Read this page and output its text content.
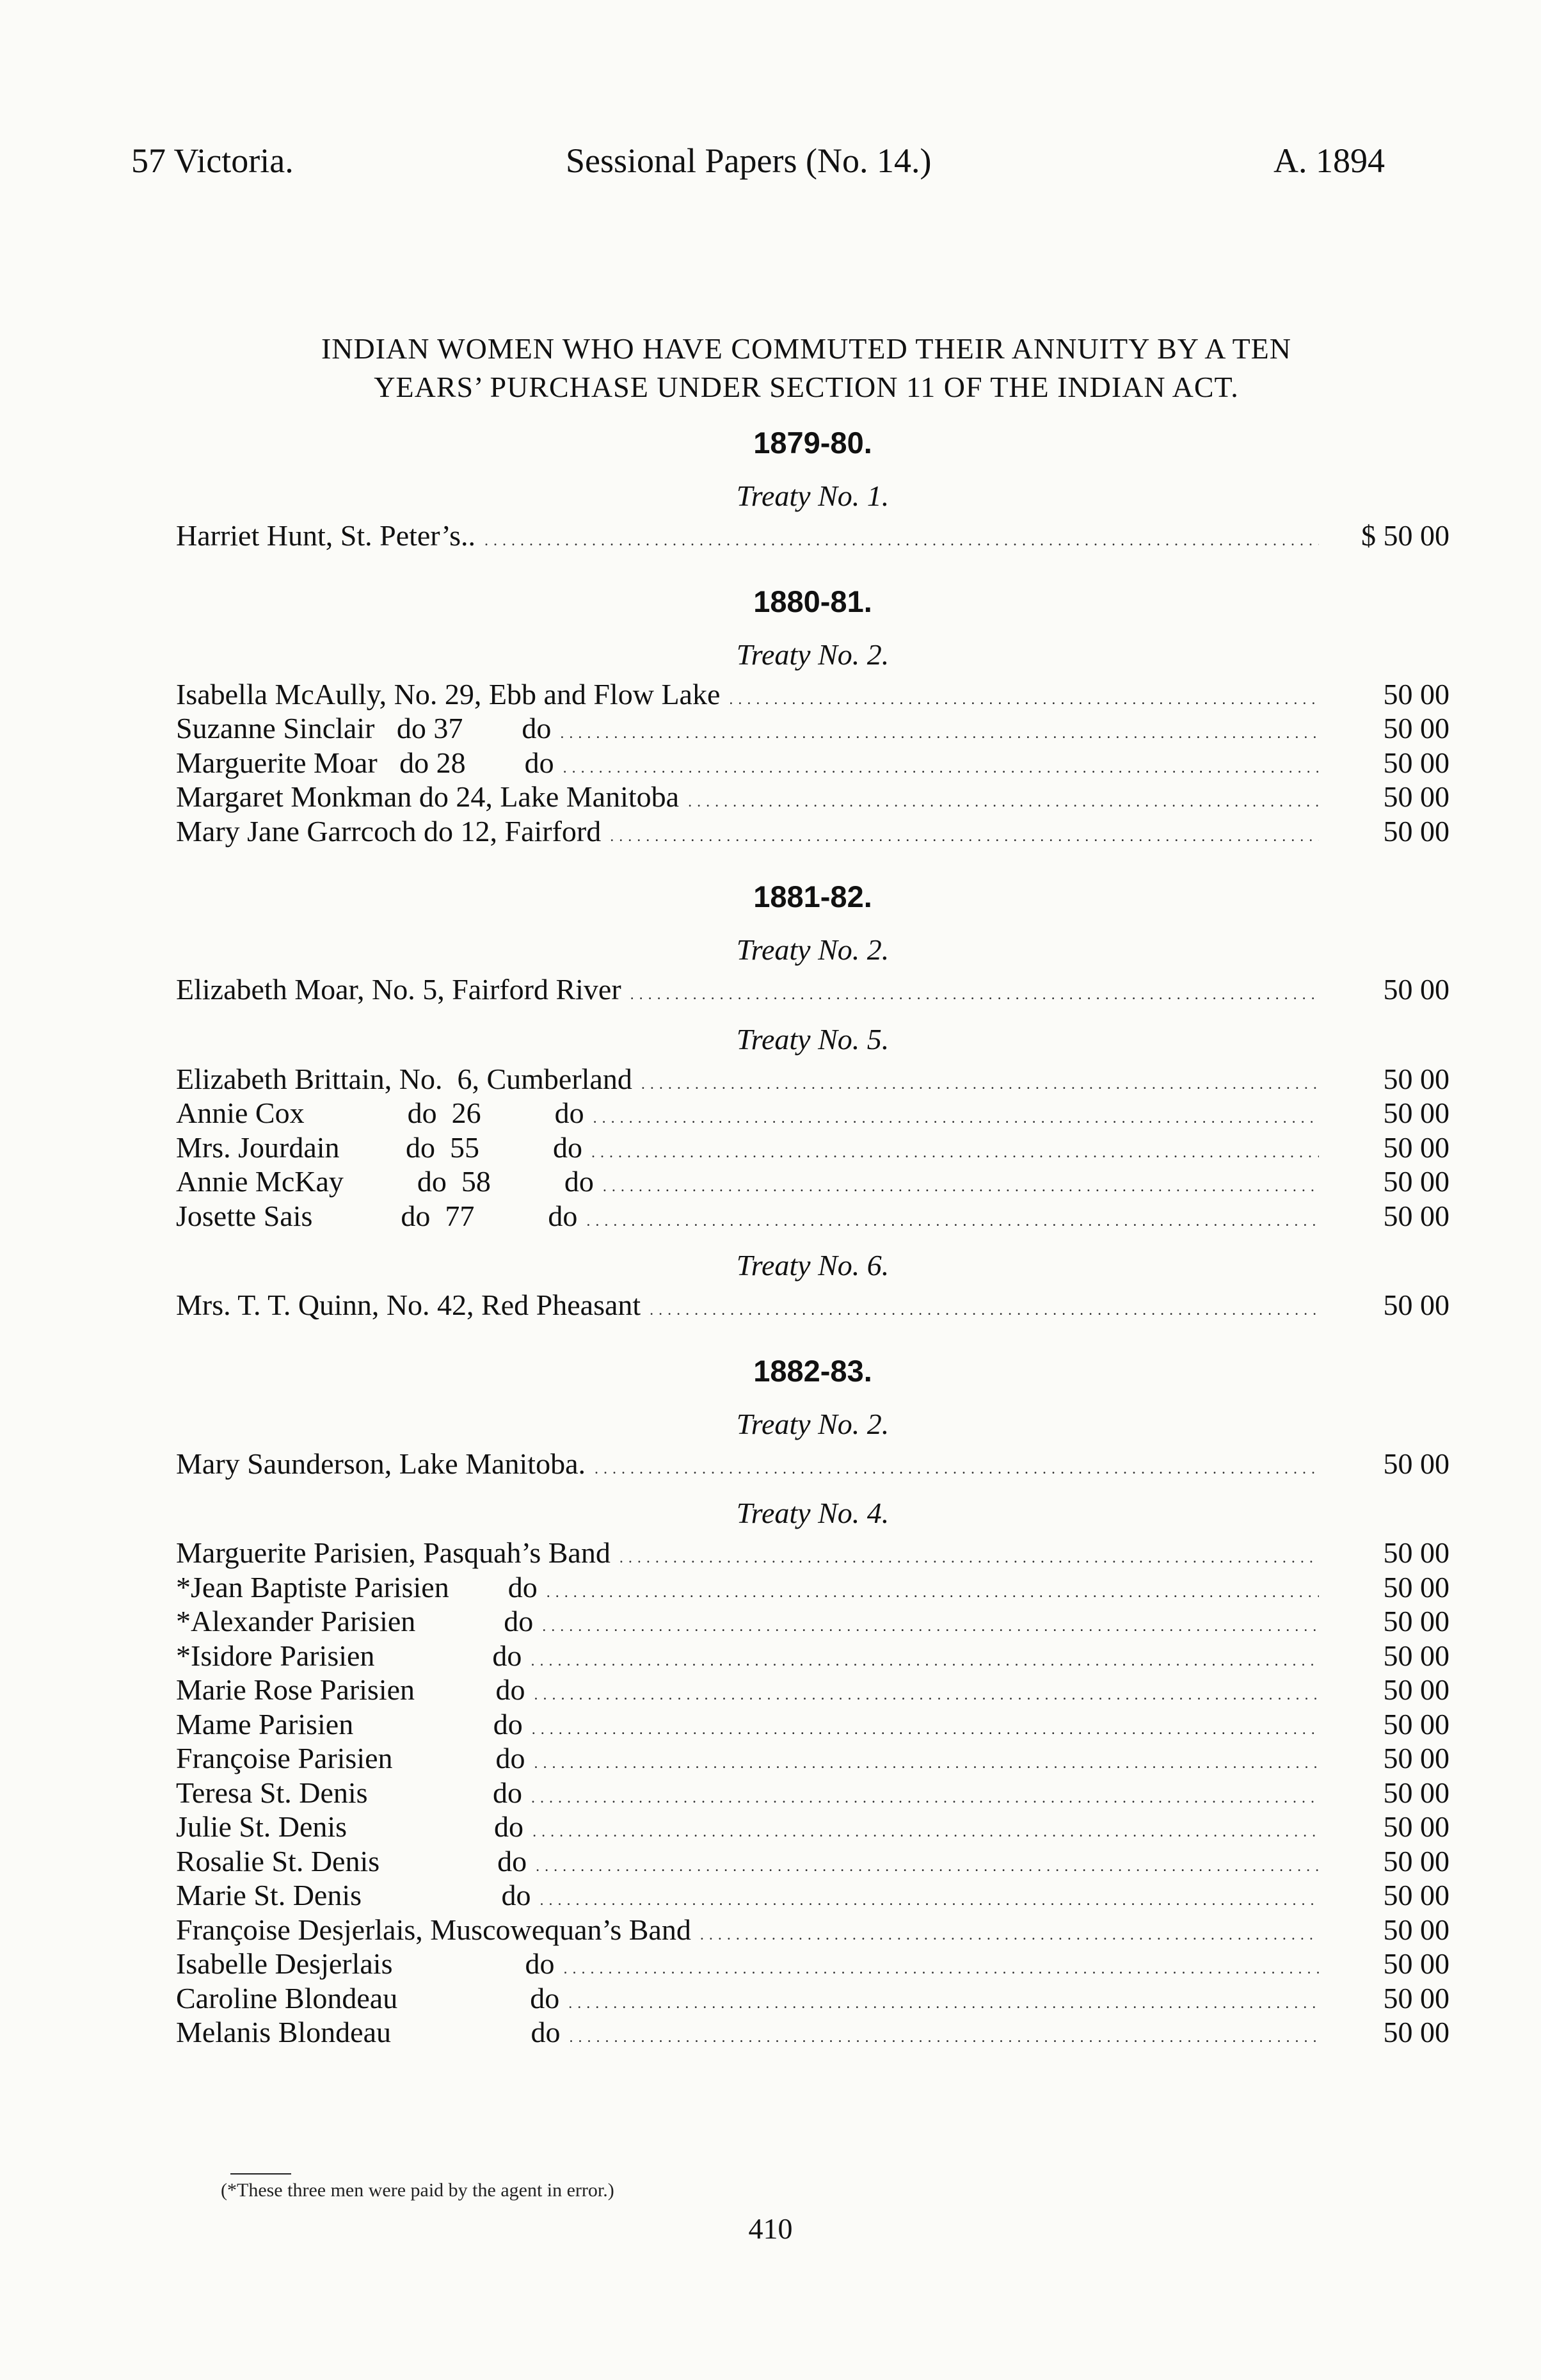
57 Victoria.	Sessional Papers (No. 14.)	A. 1894
INDIAN WOMEN WHO HAVE COMMUTED THEIR ANNUITY BY A TEN
YEARS’ PURCHASE UNDER SECTION 11 OF THE INDIAN ACT.
1879-80.
Treaty No. 1.
Harriet Hunt, St. Peter’s.. . . .	$ 50 00
1880-81.
Treaty No. 2.
Isabella McAully, No. 29, Ebb and Flow Lake . . .	50 00
Suzanne Sinclair   do 37        do . . .	50 00
Marguerite Moar   do 28        do . . .	50 00
Margaret Monkman do 24, Lake Manitoba . . .	50 00
Mary Jane Garrcoch do 12, Fairford . . .	50 00
1881-82.
Treaty No. 2.
Elizabeth Moar, No. 5, Fairford River . . .	50 00
Treaty No. 5.
Elizabeth Brittain, No.  6, Cumberland . . .	50 00
Annie Cox              do  26          do . . .	50 00
Mrs. Jourdain         do  55          do . . .	50 00
Annie McKay          do  58          do . . .	50 00
Josette Sais            do  77          do . . .	50 00
Treaty No. 6.
Mrs. T. T. Quinn, No. 42, Red Pheasant . . .	50 00
1882-83.
Treaty No. 2.
Mary Saunderson, Lake Manitoba. . . .	50 00
Treaty No. 4.
Marguerite Parisien, Pasquah’s Band . . .	50 00
*Jean Baptiste Parisien        do . . .	50 00
*Alexander Parisien            do . . .	50 00
*Isidore Parisien                do . . .	50 00
Marie Rose Parisien           do . . .	50 00
Mame Parisien                   do . . .	50 00
Françoise Parisien              do . . .	50 00
Teresa St. Denis                 do . . .	50 00
Julie St. Denis                    do . . .	50 00
Rosalie St. Denis                do . . .	50 00
Marie St. Denis                   do . . .	50 00
Françoise Desjerlais, Muscowequan’s Band . . .	50 00
Isabelle Desjerlais                  do . . .	50 00
Caroline Blondeau                  do . . .	50 00
Melanis Blondeau                   do . . .	50 00
(*These three men were paid by the agent in error.)
410
